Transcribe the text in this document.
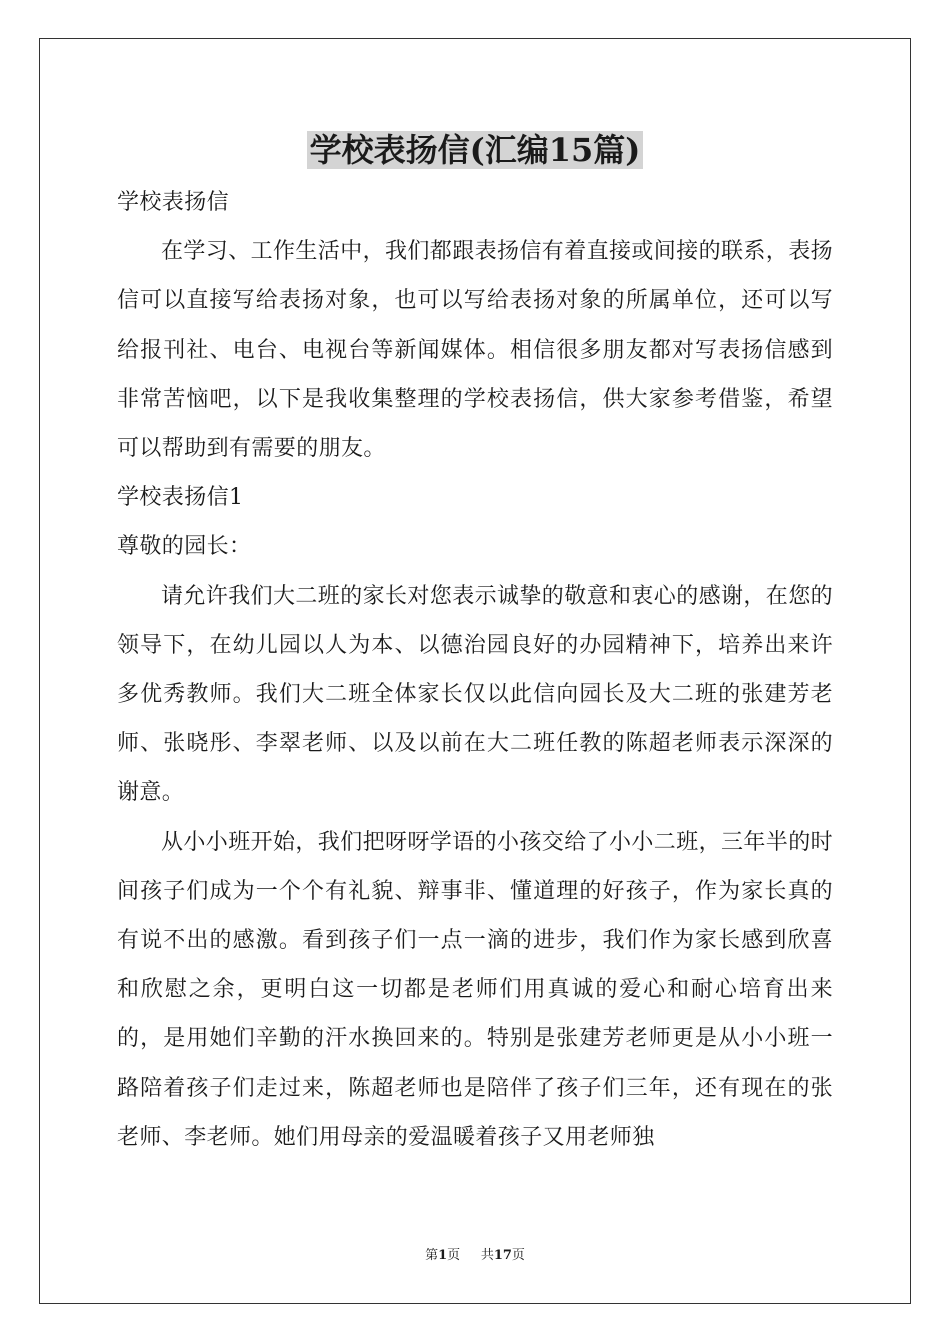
学校表扬信(汇编15篇)

学校表扬信

在学习、工作生活中，我们都跟表扬信有着直接或间接的联系，表扬信可以直接写给表扬对象，也可以写给表扬对象的所属单位，还可以写给报刊社、电台、电视台等新闻媒体。相信很多朋友都对写表扬信感到非常苦恼吧，以下是我收集整理的学校表扬信，供大家参考借鉴，希望可以帮助到有需要的朋友。

学校表扬信1

尊敬的园长：

请允许我们大二班的家长对您表示诚挚的敬意和衷心的感谢，在您的领导下，在幼儿园以人为本、以德治园良好的办园精神下，培养出来许多优秀教师。我们大二班全体家长仅以此信向园长及大二班的张建芳老师、张晓彤、李翠老师、以及以前在大二班任教的陈超老师表示深深的谢意。

从小小班开始，我们把呀呀学语的小孩交给了小小二班，三年半的时间孩子们成为一个个有礼貌、辩事非、懂道理的好孩子，作为家长真的有说不出的感激。看到孩子们一点一滴的进步，我们作为家长感到欣喜和欣慰之余，更明白这一切都是老师们用真诚的爱心和耐心培育出来的，是用她们辛勤的汗水换回来的。特别是张建芳老师更是从小小班一路陪着孩子们走过来，陈超老师也是陪伴了孩子们三年，还有现在的张老师、李老师。她们用母亲的爱温暖着孩子又用老师独

第1页 共17页
